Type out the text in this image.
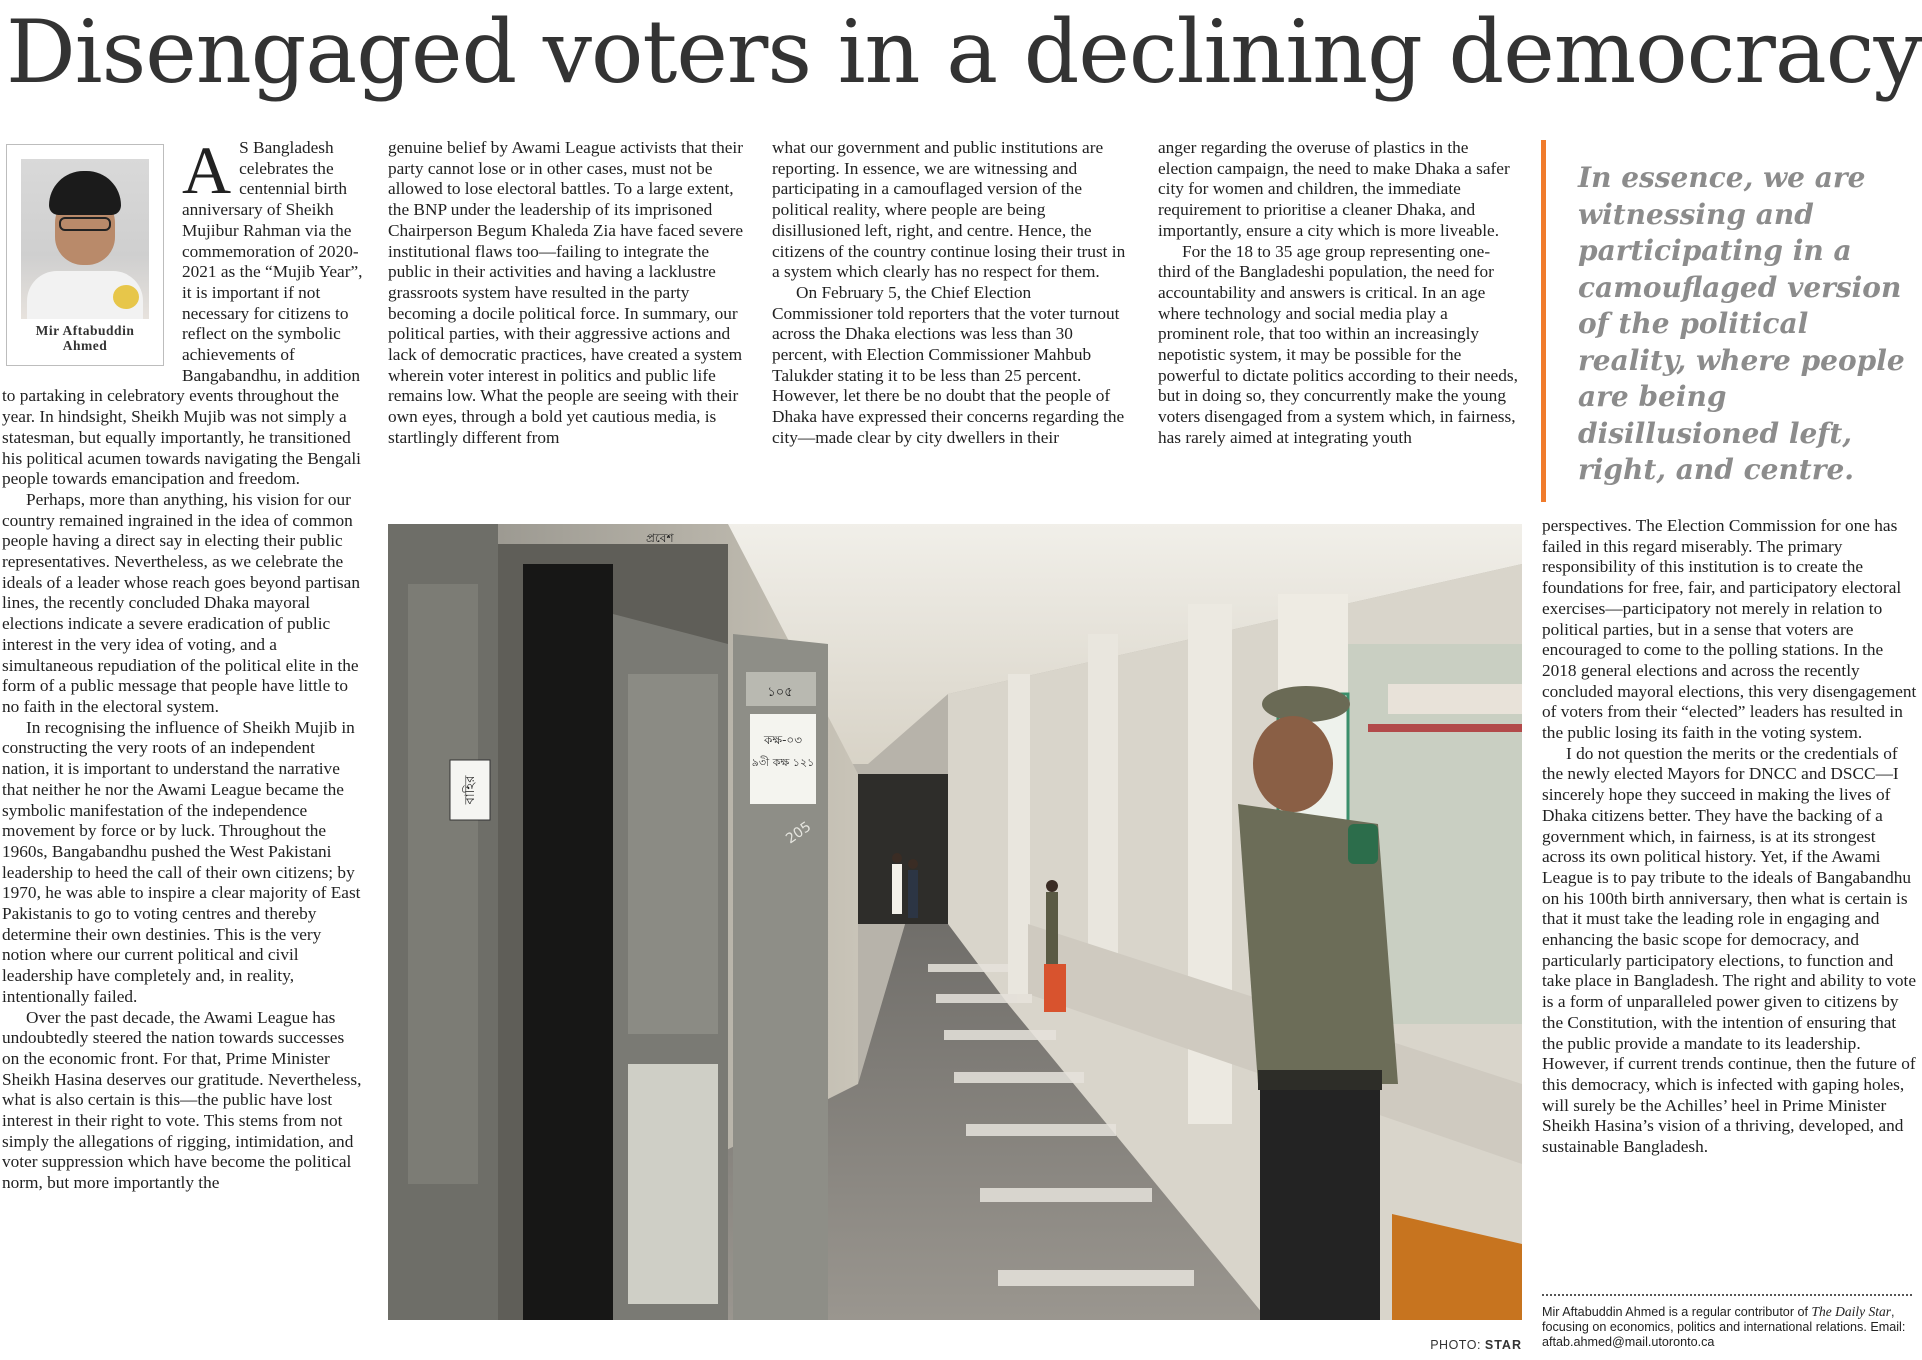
Disengaged voters in a declining democracy
Mir Aftabuddin
Ahmed

A S Bangladesh celebrates the centennial birth anniversary of Sheikh Mujibur Rahman via the commemoration of 2020-2021 as the “Mujib Year”, it is important if not necessary for citizens to reflect on the symbolic achievements of Bangabandhu, in addition to partaking in celebratory events throughout the year. In hindsight, Sheikh Mujib was not simply a statesman, but equally importantly, he transitioned his political acumen towards navigating the Bengali people towards emancipation and freedom.

Perhaps, more than anything, his vision for our country remained ingrained in the idea of common people having a direct say in electing their public representatives. Nevertheless, as we celebrate the ideals of a leader whose reach goes beyond partisan lines, the recently concluded Dhaka mayoral elections indicate a severe eradication of public interest in the very idea of voting, and a simultaneous repudiation of the political elite in the form of a public message that people have little to no faith in the electoral system.

In recognising the influence of Sheikh Mujib in constructing the very roots of an independent nation, it is important to understand the narrative that neither he nor the Awami League became the symbolic manifestation of the independence movement by force or by luck. Throughout the 1960s, Bangabandhu pushed the West Pakistani leadership to heed the call of their own citizens; by 1970, he was able to inspire a clear majority of East Pakistanis to go to voting centres and thereby determine their own destinies. This is the very notion where our current political and civil leadership have completely and, in reality, intentionally failed.

Over the past decade, the Awami League has undoubtedly steered the nation towards successes on the economic front. For that, Prime Minister Sheikh Hasina deserves our gratitude. Nevertheless, what is also certain is this—the public have lost interest in their right to vote. This stems from not simply the allegations of rigging, intimidation, and voter suppression which have become the political norm, but more importantly the

genuine belief by Awami League activists that their party cannot lose or in other cases, must not be allowed to lose electoral battles. To a large extent, the BNP under the leadership of its imprisoned Chairperson Begum Khaleda Zia have faced severe institutional flaws too—failing to integrate the public in their activities and having a lacklustre grassroots system have resulted in the party becoming a docile political force. In summary, our political parties, with their aggressive actions and lack of democratic practices, have created a system wherein voter interest in politics and public life remains low. What the people are seeing with their own eyes, through a bold yet cautious media, is startlingly different from

what our government and public institutions are reporting. In essence, we are witnessing and participating in a camouflaged version of the political reality, where people are being disillusioned left, right, and centre. Hence, the citizens of the country continue losing their trust in a system which clearly has no respect for them.

On February 5, the Chief Election Commissioner told reporters that the voter turnout across the Dhaka elections was less than 30 percent, with Election Commissioner Mahbub Talukder stating it to be less than 25 percent. However, let there be no doubt that the people of Dhaka have expressed their concerns regarding the city—made clear by city dwellers in their

anger regarding the overuse of plastics in the election campaign, the need to make Dhaka a safer city for women and children, the immediate requirement to prioritise a cleaner Dhaka, and importantly, ensure a city which is more liveable.

For the 18 to 35 age group representing one-third of the Bangladeshi population, the need for accountability and answers is critical. In an age where technology and social media play a prominent role, that too within an increasingly nepotistic system, it may be possible for the powerful to dictate politics according to their needs, but in doing so, they concurrently make the young voters disengaged from a system which, in fairness, has rarely aimed at integrating youth

In essence, we are witnessing and participating in a camouflaged version of the political reality, where people are being disillusioned left, right, and centre.

perspectives. The Election Commission for one has failed in this regard miserably. The primary responsibility of this institution is to create the foundations for free, fair, and participatory electoral exercises—participatory not merely in relation to political parties, but in a sense that voters are encouraged to come to the polling stations. In the 2018 general elections and across the recently concluded mayoral elections, this very disengagement of voters from their “elected” leaders has resulted in the public losing its faith in the voting system.

I do not question the merits or the credentials of the newly elected Mayors for DNCC and DSCC—I sincerely hope they succeed in making the lives of Dhaka citizens better. They have the backing of a government which, in fairness, is at its strongest across its own political history. Yet, if the Awami League is to pay tribute to the ideals of Bangabandhu on his 100th birth anniversary, then what is certain is that it must take the leading role in engaging and enhancing the basic scope for democracy, and particularly participatory elections, to function and take place in Bangladesh. The right and ability to vote is a form of unparalleled power given to citizens by the Constitution, with the intention of ensuring that the public provide a mandate to its leadership. However, if current trends continue, then the future of this democracy, which is infected with gaping holes, will surely be the Achilles’ heel in Prime Minister Sheikh Hasina’s vision of a thriving, developed, and sustainable Bangladesh.

বাহির
প্রবেশ
১০৫
কক্ষ-০৩
৯৩ী কক্ষ ১২১
205
PHOTO: STAR
Mir Aftabuddin Ahmed is a regular contributor of The Daily Star, focusing on economics, politics and international relations. Email: aftab.ahmed@mail.utoronto.ca
